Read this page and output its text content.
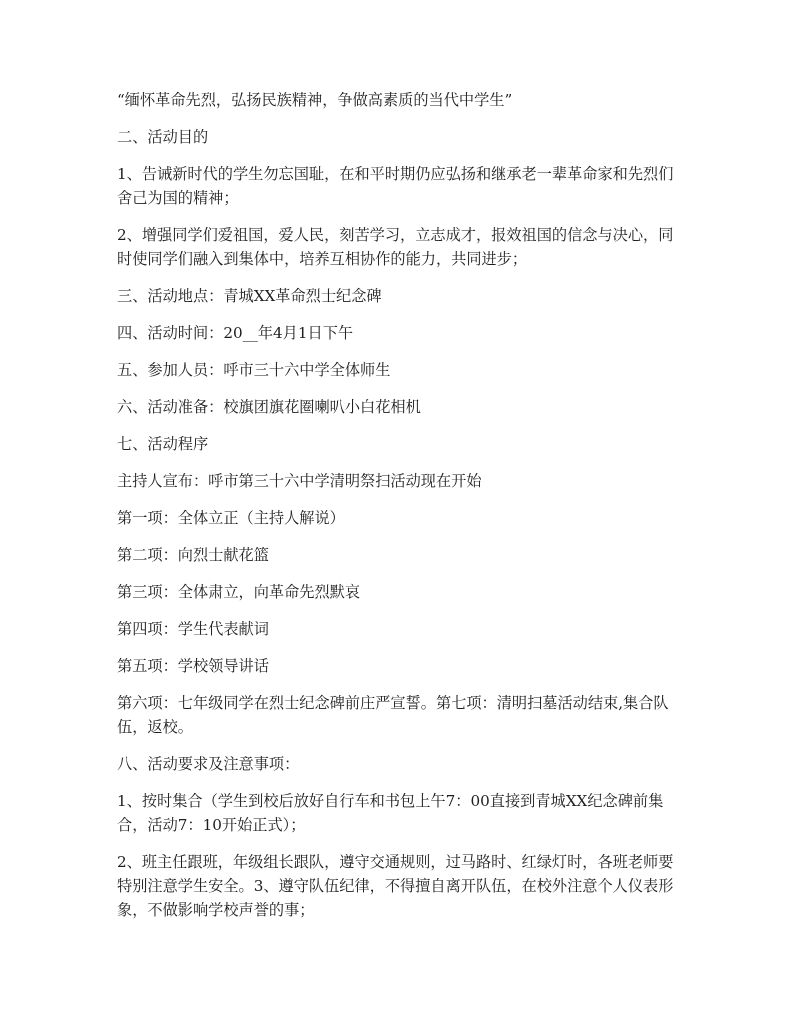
“缅怀革命先烈，弘扬民族精神，争做高素质的当代中学生”

二、活动目的

1、告诫新时代的学生勿忘国耻，在和平时期仍应弘扬和继承老一辈革命家和先烈们舍己为国的精神；

2、增强同学们爱祖国，爱人民，刻苦学习，立志成才，报效祖国的信念与决心，同时使同学们融入到集体中，培养互相协作的能力，共同进步；

三、活动地点：青城XX革命烈士纪念碑

四、活动时间：20__年4月1日下午

五、参加人员：呼市三十六中学全体师生

六、活动准备：校旗团旗花圈喇叭小白花相机

七、活动程序

主持人宣布：呼市第三十六中学清明祭扫活动现在开始

第一项：全体立正（主持人解说）

第二项：向烈士献花篮

第三项：全体肃立，向革命先烈默哀

第四项：学生代表献词

第五项：学校领导讲话

第六项：七年级同学在烈士纪念碑前庄严宣誓。第七项：清明扫墓活动结束,集合队伍，返校。

八、活动要求及注意事项：

1、按时集合（学生到校后放好自行车和书包上午7：00直接到青城XX纪念碑前集合，活动7：10开始正式）；

2、班主任跟班，年级组长跟队，遵守交通规则，过马路时、红绿灯时，各班老师要特别注意学生安全。3、遵守队伍纪律，不得擅自离开队伍，在校外注意个人仪表形象，不做影响学校声誉的事；
